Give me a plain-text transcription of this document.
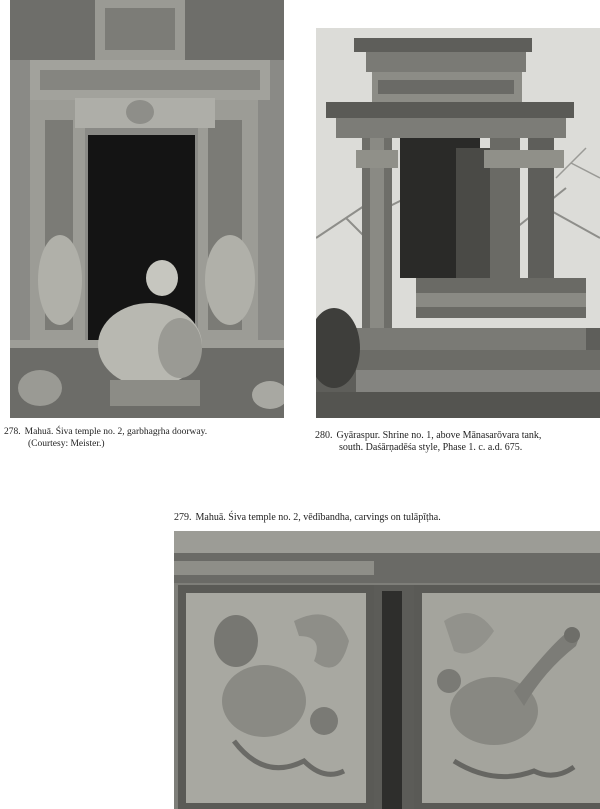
278. Mahuā. Śiva temple no. 2, garbhagṛha doorway.
(Courtesy: Meister.)
280. Gyāraspur. Shrine no. 1, above Mānasarōvara tank,
south. Daśārṇadēśa style, Phase 1. c. a.d. 675.
279. Mahuā. Śiva temple no. 2, vēdībandha, carvings on tulāpīṭha.
